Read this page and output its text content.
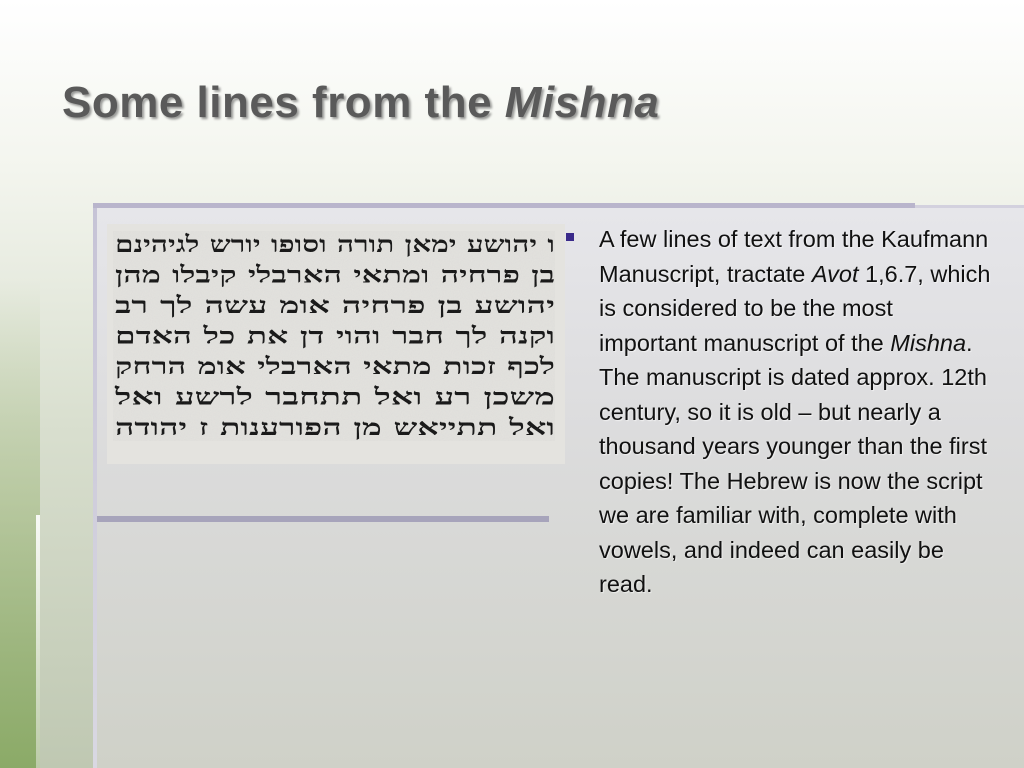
Some lines from the Mishna
ו יהושע ימאן תורה וסופו יורש לגיהינם
בן פרחיה ומתאי הארבלי קיבלו מהן
יהושע בן פרחיה אומ עשה לך רב
וקנה לך חבר והוי דן את כל האדם
לכף זכות מתאי הארבלי אומ הרחק
משכן רע ואל תתחבר לרשע ואל
ואל תתייאש מן הפורענות ז יהודה

A few lines of text from the Kaufmann Manuscript, tractate Avot 1,6.7, which is considered to be the most important manuscript of the Mishna. The manuscript is dated approx. 12th century, so it is old – but nearly a thousand years younger than the first copies! The Hebrew is now the script we are familiar with, complete with vowels, and indeed can easily be read.
